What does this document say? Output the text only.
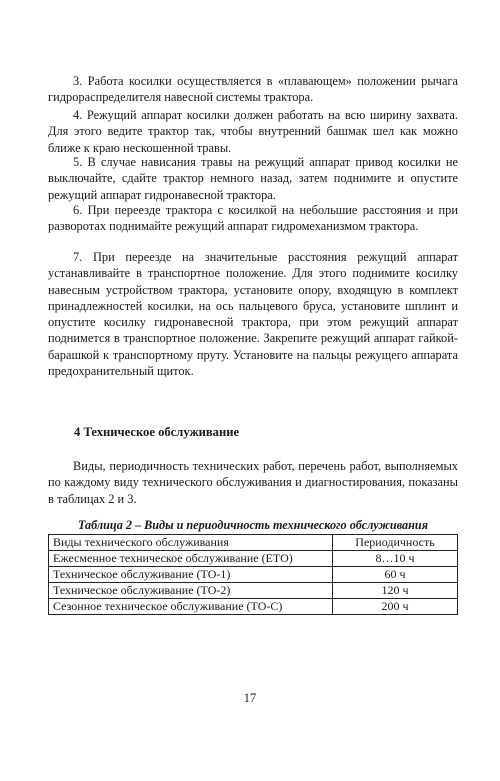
3. Работа косилки осуществляется в «плавающем» положении рычага гидрораспределителя навесной системы трактора.

4. Режущий аппарат косилки должен работать на всю ширину захвата. Для этого ведите трактор так, чтобы внутренний башмак шел как можно ближе к краю нескошенной травы.

5. В случае нависания травы на режущий аппарат привод косилки не выключайте, сдайте трактор немного назад, затем поднимите и опустите режущий аппарат гидронавесной трактора.

6. При переезде трактора с косилкой на небольшие расстояния и при разворотах поднимайте режущий аппарат гидромеханизмом трактора.

7. При переезде на значительные расстояния режущий аппарат устанавливайте в транспортное положение. Для этого поднимите косилку навесным устройством трактора, установите опору, входящую в комплект принадлежностей косилки, на ось пальцевого бруса, установите шплинт и опустите косилку гидронавесной трактора, при этом режущий аппарат поднимется в транспортное положение. Закрепите режущий аппарат гайкой-барашкой к транспортному пруту. Установите на пальцы режущего аппарата предохранительный щиток.

4 Техническое обслуживание

Виды, периодичность технических работ, перечень работ, выполняемых по каждому виду технического обслуживания и диагностирования, показаны в таблицах 2 и 3.

Таблица 2 – Виды и периодичность технического обслуживания

Виды технического обслуживания	Периодичность
Ежесменное техническое обслуживание (ЕТО)	8…10 ч
Техническое обслуживание (ТО-1)	60 ч
Техническое обслуживание (ТО-2)	120 ч
Сезонное техническое обслуживание (ТО-С)	200 ч

17
